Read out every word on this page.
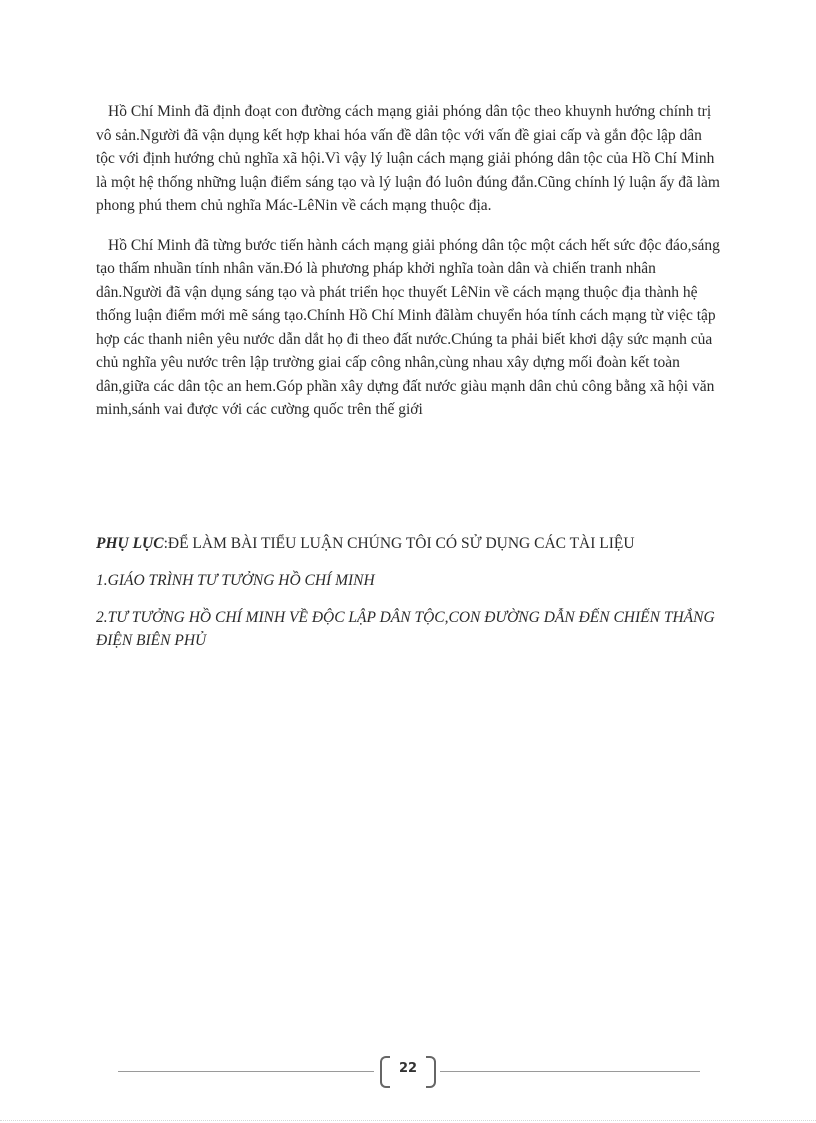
Hồ Chí Minh đã định đoạt con đường cách mạng giải phóng dân tộc theo khuynh hướng chính trị vô sản.Người đã vận dụng kết hợp khai hóa vấn đề dân tộc với vấn đề giai cấp và gắn độc lập dân tộc với định hướng chủ nghĩa xã hội.Vì vậy lý luận cách mạng giải phóng dân tộc của Hồ Chí Minh là một hệ thống những luận điểm sáng tạo và lý luận đó luôn đúng đắn.Cũng chính lý luận ấy đã làm phong phú them chủ nghĩa Mác-LêNin về cách mạng thuộc địa.

Hồ Chí Minh đã từng bước tiến hành cách mạng giải phóng dân tộc một cách hết sức độc đáo,sáng tạo thấm nhuần tính nhân văn.Đó là phương pháp khởi nghĩa toàn dân và chiến tranh nhân dân.Người đã vận dụng sáng tạo và phát triển học thuyết LêNin về cách mạng thuộc địa thành hệ thống luận điểm mới mẽ sáng tạo.Chính Hồ Chí Minh đãlàm chuyển hóa tính cách mạng từ việc tập hợp các thanh niên yêu nước dẫn dắt họ đi theo đất nước.Chúng ta phải biết khơi dậy sức mạnh của chủ nghĩa yêu nước trên lập trường giai cấp công nhân,cùng nhau xây dựng mối đoàn kết toàn dân,giữa các dân tộc an hem.Góp phần xây dựng đất nước giàu mạnh dân chủ công bằng xã hội văn minh,sánh vai được với các cường quốc trên thế giới

PHỤ LỤC:ĐỂ LÀM BÀI TIỂU LUẬN CHÚNG TÔI CÓ SỬ DỤNG CÁC TÀI LIỆU

1.GIÁO TRÌNH TƯ TƯỞNG HỒ CHÍ MINH

2.TƯ TƯỞNG HỒ CHÍ MINH VỀ ĐỘC LẬP DÂN TỘC,CON ĐƯỜNG DẪN ĐẾN CHIẾN THẮNG ĐIỆN BIÊN PHỦ

22
